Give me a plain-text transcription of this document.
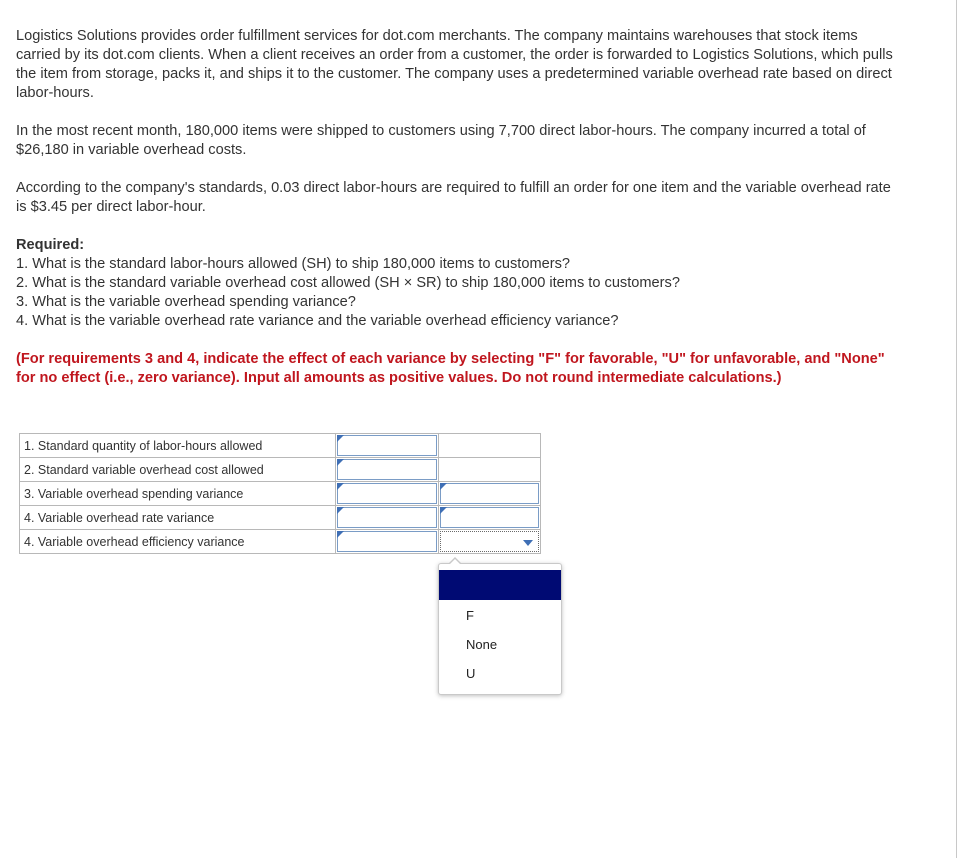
Logistics Solutions provides order fulfillment services for dot.com merchants. The company maintains warehouses that stock items carried by its dot.com clients. When a client receives an order from a customer, the order is forwarded to Logistics Solutions, which pulls the item from storage, packs it, and ships it to the customer. The company uses a predetermined variable overhead rate based on direct labor-hours.

In the most recent month, 180,000 items were shipped to customers using 7,700 direct labor-hours. The company incurred a total of $26,180 in variable overhead costs.

According to the company's standards, 0.03 direct labor-hours are required to fulfill an order for one item and the variable overhead rate is $3.45 per direct labor-hour.

Required:

1. What is the standard labor-hours allowed (SH) to ship 180,000 items to customers?
2. What is the standard variable overhead cost allowed (SH × SR) to ship 180,000 items to customers?
3. What is the variable overhead spending variance?
4. What is the variable overhead rate variance and the variable overhead efficiency variance?

(For requirements 3 and 4, indicate the effect of each variance by selecting "F" for favorable, "U" for unfavorable, and "None" for no effect (i.e., zero variance). Input all amounts as positive values. Do not round intermediate calculations.)

1. Standard quantity of labor-hours allowed	

2. Standard variable overhead cost allowed	

3. Variable overhead spending variance	

4. Variable overhead rate variance	

4. Variable overhead efficiency variance	

F
None
U
